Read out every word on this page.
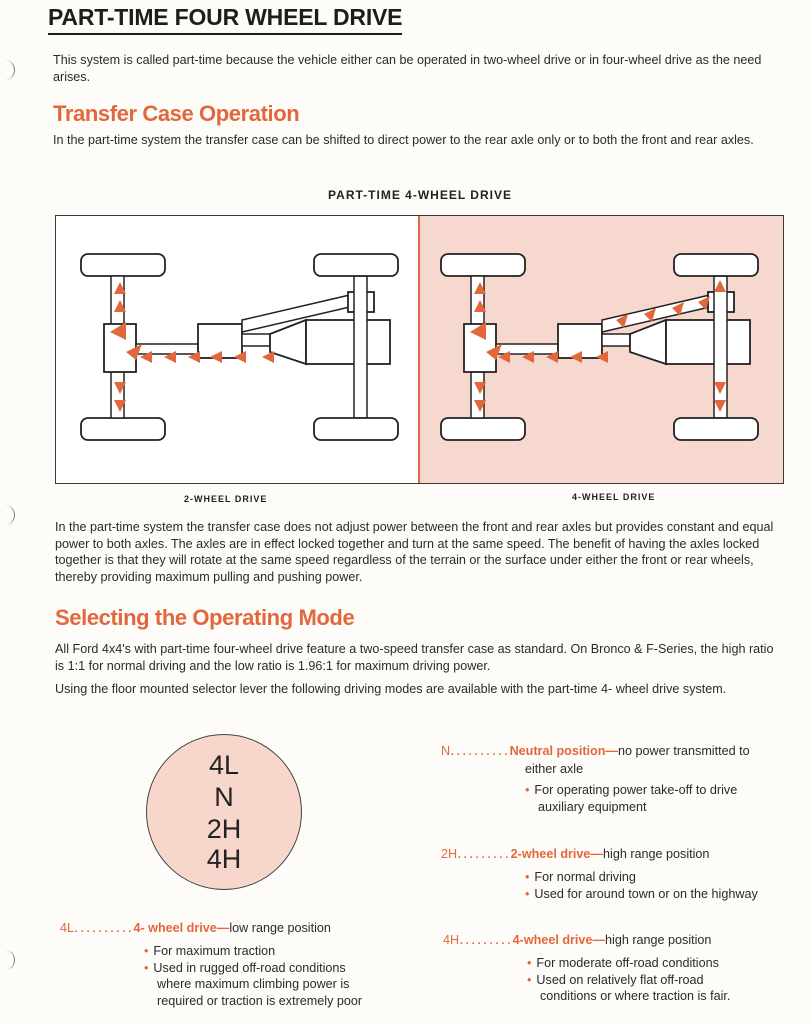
PART-TIME FOUR WHEEL DRIVE
This system is called part-time because the vehicle either can be operated in two-wheel drive or in four-wheel drive as the need arises.
Transfer Case Operation
In the part-time system the transfer case can be shifted to direct power to the rear axle only or to both the front and rear axles.
PART-TIME 4-WHEEL DRIVE
2-WHEEL DRIVE	4-WHEEL DRIVE
In the part-time system the transfer case does not adjust power between the front and rear axles but provides constant and equal power to both axles. The axles are in effect locked together and turn at the same speed. The benefit of having the axles locked together is that they will rotate at the same speed regardless of the terrain or the surface under either the front or rear wheels, thereby providing maximum pulling and pushing power.
Selecting the Operating Mode
All Ford 4x4's with part-time four-wheel drive feature a two-speed transfer case as standard. On Bronco & F-Series, the high ratio is 1:1 for normal driving and the low ratio is 1.96:1 for maximum driving power.
Using the floor mounted selector lever the following driving modes are available with the part-time 4- wheel drive system.
4L
N
2H
4H
N..........Neutral position—no power transmitted to
either axle
• For operating power take-off to drive
auxiliary equipment
2H.........2-wheel drive—high range position
• For normal driving
• Used for around town or on the highway
4L..........4- wheel drive—low range position
• For maximum traction
• Used in rugged off-road conditions
where maximum climbing power is
required or traction is extremely poor
4H.........4-wheel drive—high range position
• For moderate off-road conditions
• Used on relatively flat off-road
conditions or where traction is fair.
